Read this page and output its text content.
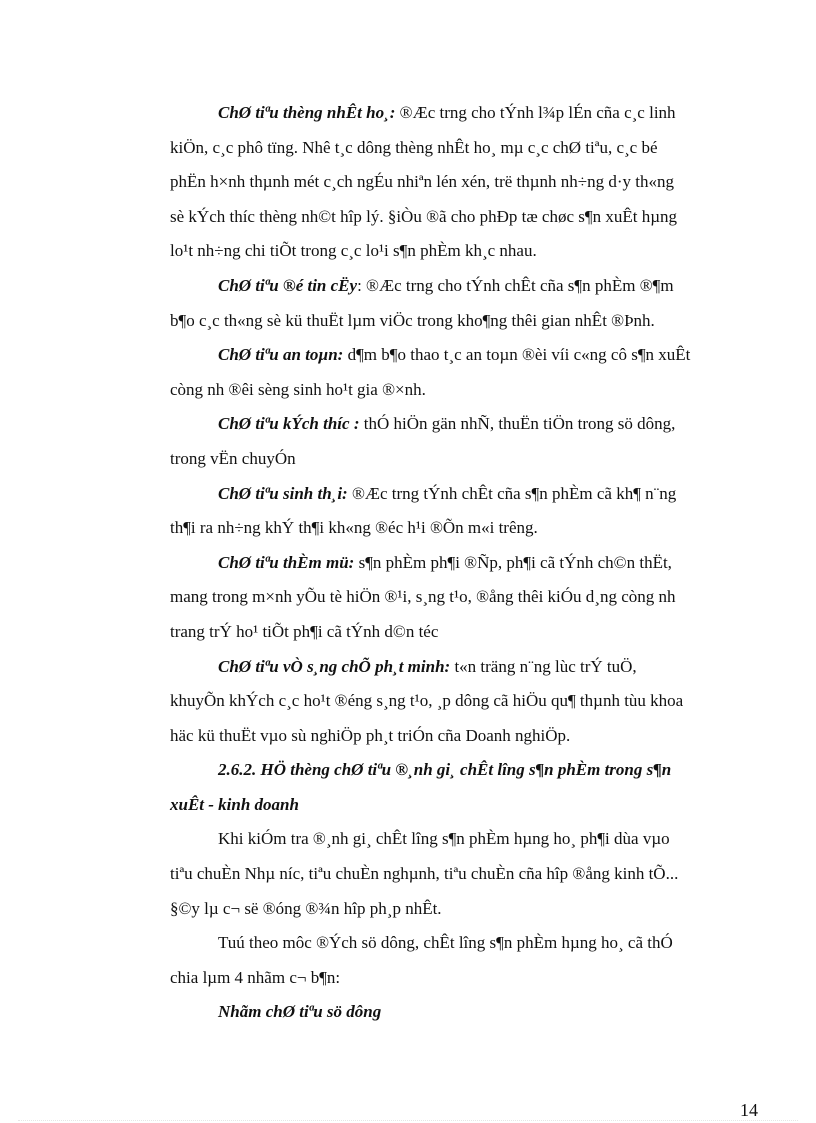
ChØ tiªu thèng nhÊt ho¸: ®Æc trng cho tÝnh l¾p lÉn cña c¸c linh
kiÖn, c¸c phô tïng. Nhê t¸c dông thèng nhÊt ho¸ mµ c¸c chØ tiªu, c¸c bé
phËn h×nh thµnh mét c¸ch ngÉu nhiªn lén xén, trë thµnh nh÷ng d·y th«ng
sè kÝch thíc thèng nh©t hîp lý. §iÒu ®ã cho phÐp tæ chøc s¶n xuÊt hµng
lo¹t nh÷ng chi tiÕt trong c¸c lo¹i s¶n phÈm kh¸c nhau.

ChØ tiªu ®é tin cËy: ®Æc trng cho tÝnh chÊt cña s¶n phÈm ®¶m
b¶o c¸c th«ng sè kü thuËt lµm viÖc trong kho¶ng thêi gian nhÊt ®Þnh.

ChØ tiªu an toµn: d¶m b¶o thao t¸c an toµn ®èi víi c«ng cô s¶n xuÊt
còng nh ®êi sèng sinh ho¹t gia ®×nh.

ChØ tiªu kÝch thíc : thÓ hiÖn gän nhÑ, thuËn tiÖn trong sö dông,
trong vËn chuyÓn

ChØ tiªu sinh th¸i: ®Æc trng tÝnh chÊt cña s¶n phÈm cã kh¶ n¨ng
th¶i ra nh÷ng khÝ th¶i kh«ng ®éc h¹i ®Õn m«i trêng.

ChØ tiªu thÈm mü: s¶n phÈm ph¶i ®Ñp, ph¶i cã tÝnh ch©n thËt,
mang trong m×nh yÕu tè hiÖn ®¹i, s¸ng t¹o, ®ång thêi kiÓu d¸ng còng nh
trang trÝ ho¹ tiÕt ph¶i cã tÝnh d©n téc

ChØ tiªu vÒ s¸ng chÕ ph¸t minh: t«n träng n¨ng lùc trÝ tuÖ,
khuyÕn khÝch c¸c ho¹t ®éng s¸ng t¹o, ¸p dông cã hiÖu qu¶ thµnh tùu khoa
häc kü thuËt vµo sù nghiÖp ph¸t triÓn cña Doanh nghiÖp.

2.6.2. HÖ thèng chØ tiªu ®¸nh gi¸ chÊt lîng s¶n phÈm trong s¶n
xuÊt - kinh doanh

Khi kiÓm tra ®¸nh gi¸ chÊt lîng s¶n phÈm hµng ho¸ ph¶i dùa vµo
tiªu chuÈn Nhµ níc, tiªu chuÈn nghµnh, tiªu chuÈn cña hîp ®ång kinh tÕ...
§©y lµ c¬ së ®óng ®¾n hîp ph¸p nhÊt.

Tuú theo môc ®Ých sö dông, chÊt lîng s¶n phÈm hµng ho¸ cã thÓ
chia lµm 4 nhãm c¬ b¶n:

Nhãm chØ tiªu sö dông

14
